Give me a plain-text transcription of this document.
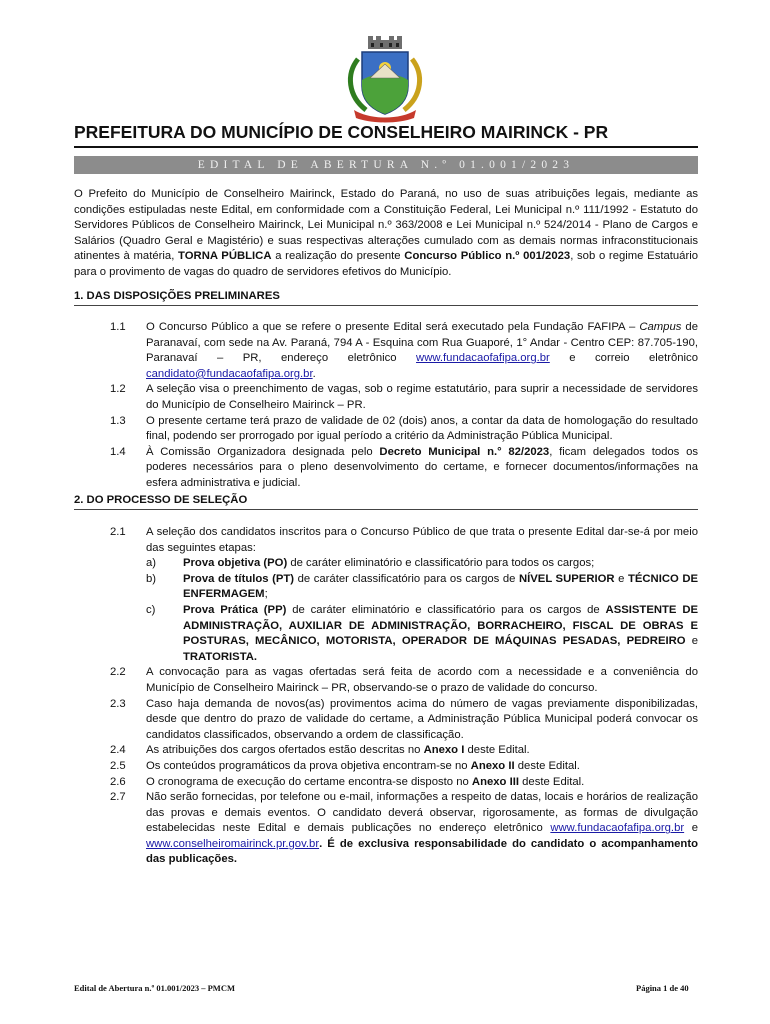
PREFEITURA DO MUNICÍPIO DE CONSELHEIRO MAIRINCK - PR
EDITAL DE ABERTURA N.º 01.001/2023
O Prefeito do Município de Conselheiro Mairinck, Estado do Paraná, no uso de suas atribuições legais, mediante as condições estipuladas neste Edital, em conformidade com a Constituição Federal, Lei Municipal n.º 111/1992 - Estatuto do Servidores Públicos de Conselheiro Mairinck, Lei Municipal n.º 363/2008 e Lei Municipal n.º 524/2014 - Plano de Cargos e Salários (Quadro Geral e Magistério) e suas respectivas alterações cumulado com as demais normas infraconstitucionais atinentes à matéria, TORNA PÚBLICA a realização do presente Concurso Público n.º 001/2023, sob o regime Estatuário para o provimento de vagas do quadro de servidores efetivos do Município.
1. DAS DISPOSIÇÕES PRELIMINARES
1.1	O Concurso Público a que se refere o presente Edital será executado pela Fundação FAFIPA – Campus de Paranavaí, com sede na Av. Paraná, 794 A - Esquina com Rua Guaporé, 1° Andar - Centro CEP: 87.705-190, Paranavaí – PR, endereço eletrônico www.fundacaofafipa.org.br e correio eletrônico candidato@fundacaofafipa.org.br.
1.2	A seleção visa o preenchimento de vagas, sob o regime estatutário, para suprir a necessidade de servidores do Município de Conselheiro Mairinck – PR.
1.3	O presente certame terá prazo de validade de 02 (dois) anos, a contar da data de homologação do resultado final, podendo ser prorrogado por igual período a critério da Administração Pública Municipal.
1.4	À Comissão Organizadora designada pelo Decreto Municipal n.° 82/2023, ficam delegados todos os poderes necessários para o pleno desenvolvimento do certame, e fornecer documentos/informações na esfera administrativa e judicial.
2. DO PROCESSO DE SELEÇÃO
2.1	A seleção dos candidatos inscritos para o Concurso Público de que trata o presente Edital dar-se-á por meio das seguintes etapas:
a)	Prova objetiva (PO) de caráter eliminatório e classificatório para todos os cargos;
b)	Prova de títulos (PT) de caráter classificatório para os cargos de NÍVEL SUPERIOR e TÉCNICO DE ENFERMAGEM;
c)	Prova Prática (PP) de caráter eliminatório e classificatório para os cargos de ASSISTENTE DE ADMINISTRAÇÃO, AUXILIAR DE ADMINISTRAÇÃO, BORRACHEIRO, FISCAL DE OBRAS E POSTURAS, MECÂNICO, MOTORISTA, OPERADOR DE MÁQUINAS PESADAS, PEDREIRO e TRATORISTA.
2.2	A convocação para as vagas ofertadas será feita de acordo com a necessidade e a conveniência do Município de Conselheiro Mairinck – PR, observando-se o prazo de validade do concurso.
2.3	Caso haja demanda de novos(as) provimentos acima do número de vagas previamente disponibilizadas, desde que dentro do prazo de validade do certame, a Administração Pública Municipal poderá convocar os candidatos classificados, observando a ordem de classificação.
2.4	As atribuições dos cargos ofertados estão descritas no Anexo I deste Edital.
2.5	Os conteúdos programáticos da prova objetiva encontram-se no Anexo II deste Edital.
2.6	O cronograma de execução do certame encontra-se disposto no Anexo III deste Edital.
2.7	Não serão fornecidas, por telefone ou e-mail, informações a respeito de datas, locais e horários de realização das provas e demais eventos. O candidato deverá observar, rigorosamente, as formas de divulgação estabelecidas neste Edital e demais publicações no endereço eletrônico www.fundacaofafipa.org.br e www.conselheiromairinck.pr.gov.br. É de exclusiva responsabilidade do candidato o acompanhamento das publicações.
Edital de Abertura n.º 01.001/2023 – PMCM	Página 1 de 40
